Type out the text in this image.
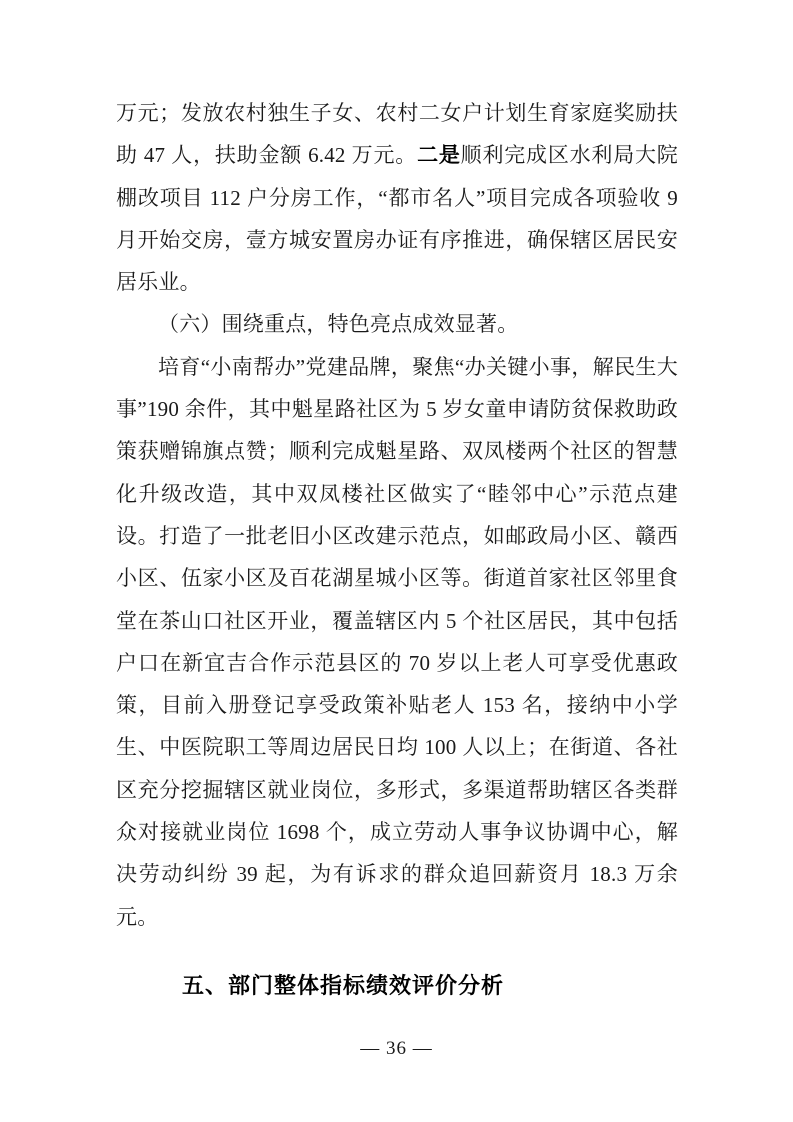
万元；发放农村独生子女、农村二女户计划生育家庭奖励扶助 47 人，扶助金额 6.42 万元。二是顺利完成区水利局大院棚改项目 112 户分房工作，“都市名人”项目完成各项验收 9 月开始交房，壹方城安置房办证有序推进，确保辖区居民安居乐业。

（六）围绕重点，特色亮点成效显著。

培育“小南帮办”党建品牌，聚焦“办关键小事，解民生大事”190 余件，其中魁星路社区为 5 岁女童申请防贫保救助政策获赠锦旗点赞；顺利完成魁星路、双凤楼两个社区的智慧化升级改造，其中双凤楼社区做实了“睦邻中心”示范点建设。打造了一批老旧小区改建示范点，如邮政局小区、赣西小区、伍家小区及百花湖星城小区等。街道首家社区邻里食堂在茶山口社区开业，覆盖辖区内 5 个社区居民，其中包括户口在新宜吉合作示范县区的 70 岁以上老人可享受优惠政策，目前入册登记享受政策补贴老人 153 名，接纳中小学生、中医院职工等周边居民日均 100 人以上；在街道、各社区充分挖掘辖区就业岗位，多形式，多渠道帮助辖区各类群众对接就业岗位 1698 个，成立劳动人事争议协调中心，解决劳动纠纷 39 起，为有诉求的群众追回薪资月 18.3 万余元。

五、部门整体指标绩效评价分析
— 36 —
